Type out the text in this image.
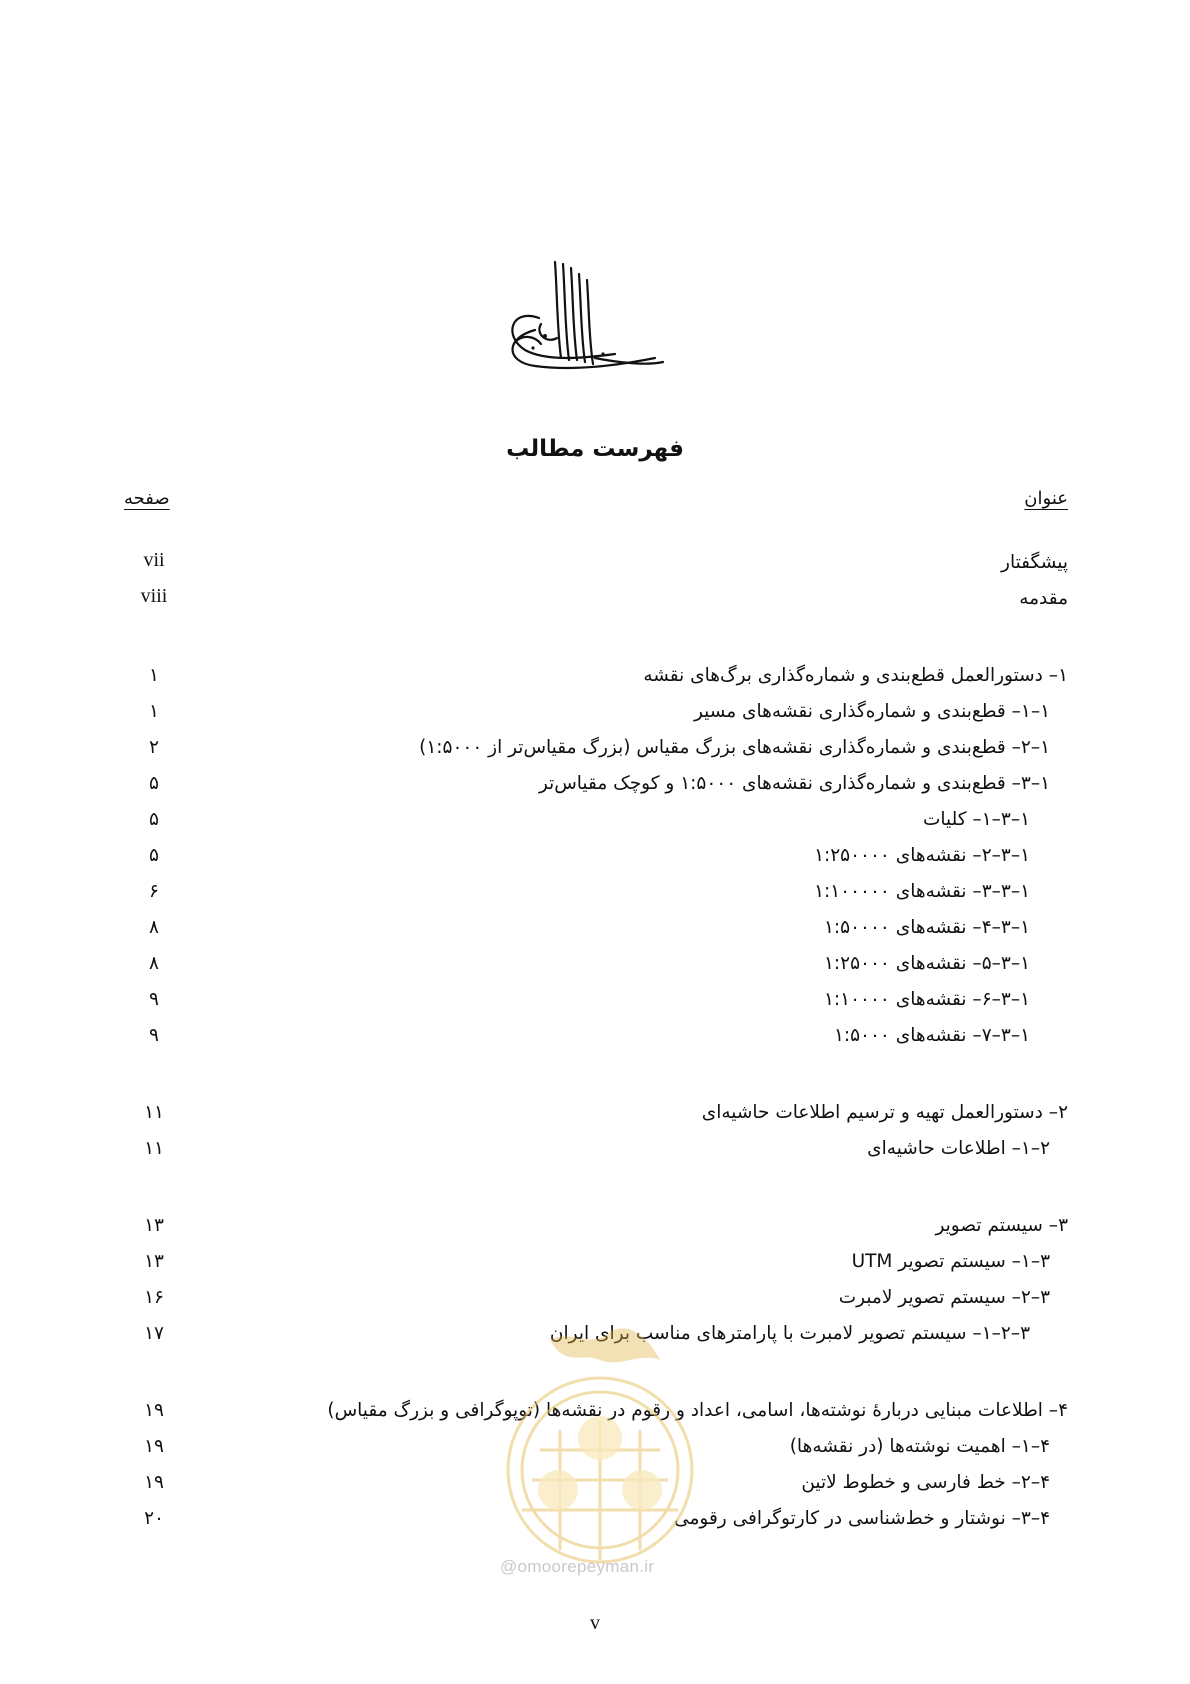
فهرست مطالب
عنوان
صفحه
پیشگفتار
vii
مقدمه
viii
۱– دستورالعمل قطع‌بندی و شماره‌گذاری برگ‌های نقشه
۱
۱–۱– قطع‌بندی و شماره‌گذاری نقشه‌های مسیر
۱
۱–۲– قطع‌بندی و شماره‌گذاری نقشه‌های بزرگ مقیاس (بزرگ مقیاس‌تر از ۱:۵۰۰۰)
۲
۱–۳– قطع‌بندی و شماره‌گذاری نقشه‌های ۱:۵۰۰۰ و کوچک مقیاس‌تر
۵
۱–۳–۱– کلیات
۵
۱–۳–۲– نقشه‌های ۱:۲۵۰۰۰۰
۵
۱–۳–۳– نقشه‌های ۱:۱۰۰۰۰۰
۶
۱–۳–۴– نقشه‌های ۱:۵۰۰۰۰
۸
۱–۳–۵– نقشه‌های ۱:۲۵۰۰۰
۸
۱–۳–۶– نقشه‌های ۱:۱۰۰۰۰
۹
۱–۳–۷– نقشه‌های ۱:۵۰۰۰
۹
۲– دستورالعمل تهیه و ترسیم اطلاعات حاشیه‌ای
۱۱
۲–۱– اطلاعات حاشیه‌ای
۱۱
۳– سیستم تصویر
۱۳
۳–۱– سیستم تصویر UTM
۱۳
۳–۲– سیستم تصویر لامبرت
۱۶
۳–۲–۱– سیستم تصویر لامبرت با پارامترهای مناسب برای ایران
۱۷
۴– اطلاعات مبنایی دربارهٔ نوشته‌ها، اسامی، اعداد و رقوم در نقشه‌ها (توپوگرافی و بزرگ مقیاس)
۱۹
۴–۱– اهمیت نوشته‌ها (در نقشه‌ها)
۱۹
۴–۲– خط فارسی و خطوط لاتین
۱۹
۴–۳– نوشتار و خط‌شناسی در کارتوگرافی رقومی
۲۰
@omoorepeyman.ir
v
